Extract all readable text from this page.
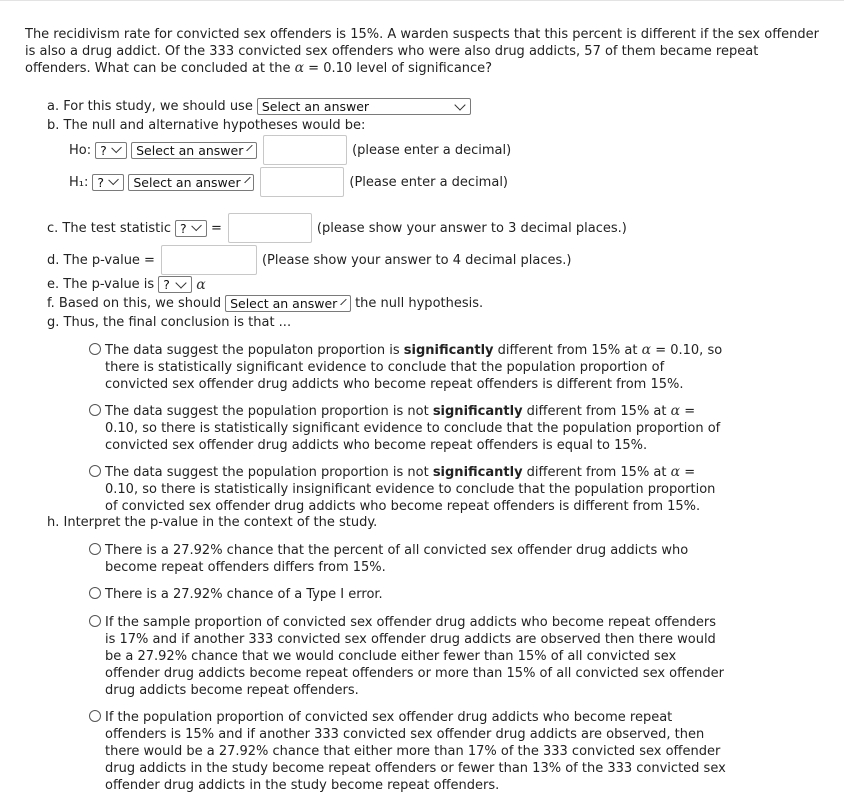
The recidivism rate for convicted sex offenders is 15%. A warden suspects that this percent is different if the sex offender is also a drug addict. Of the 333 convicted sex offenders who were also drug addicts, 57 of them became repeat offenders. What can be concluded at the α = 0.10 level of significance?
a. For this study, we should use Select an answer
b. The null and alternative hypotheses would be:
Ho: ? Select an answer	(please enter a decimal)
H₁: ? Select an answer	(Please enter a decimal)
c. The test statistic ? =	(please show your answer to 3 decimal places.)
d. The p-value =	(Please show your answer to 4 decimal places.)
e. The p-value is ? α
f. Based on this, we should Select an answer the null hypothesis.
g. Thus, the final conclusion is that ...
The data suggest the populaton proportion is significantly different from 15% at α = 0.10, so there is statistically significant evidence to conclude that the population proportion of convicted sex offender drug addicts who become repeat offenders is different from 15%.
The data suggest the population proportion is not significantly different from 15% at α = 0.10, so there is statistically significant evidence to conclude that the population proportion of convicted sex offender drug addicts who become repeat offenders is equal to 15%.
The data suggest the population proportion is not significantly different from 15% at α = 0.10, so there is statistically insignificant evidence to conclude that the population proportion of convicted sex offender drug addicts who become repeat offenders is different from 15%.
h. Interpret the p-value in the context of the study.
There is a 27.92% chance that the percent of all convicted sex offender drug addicts who become repeat offenders differs from 15%.
There is a 27.92% chance of a Type I error.
If the sample proportion of convicted sex offender drug addicts who become repeat offenders is 17% and if another 333 convicted sex offender drug addicts are observed then there would be a 27.92% chance that we would conclude either fewer than 15% of all convicted sex offender drug addicts become repeat offenders or more than 15% of all convicted sex offender drug addicts become repeat offenders.
If the population proportion of convicted sex offender drug addicts who become repeat offenders is 15% and if another 333 convicted sex offender drug addicts are observed, then there would be a 27.92% chance that either more than 17% of the 333 convicted sex offender drug addicts in the study become repeat offenders or fewer than 13% of the 333 convicted sex offender drug addicts in the study become repeat offenders.
